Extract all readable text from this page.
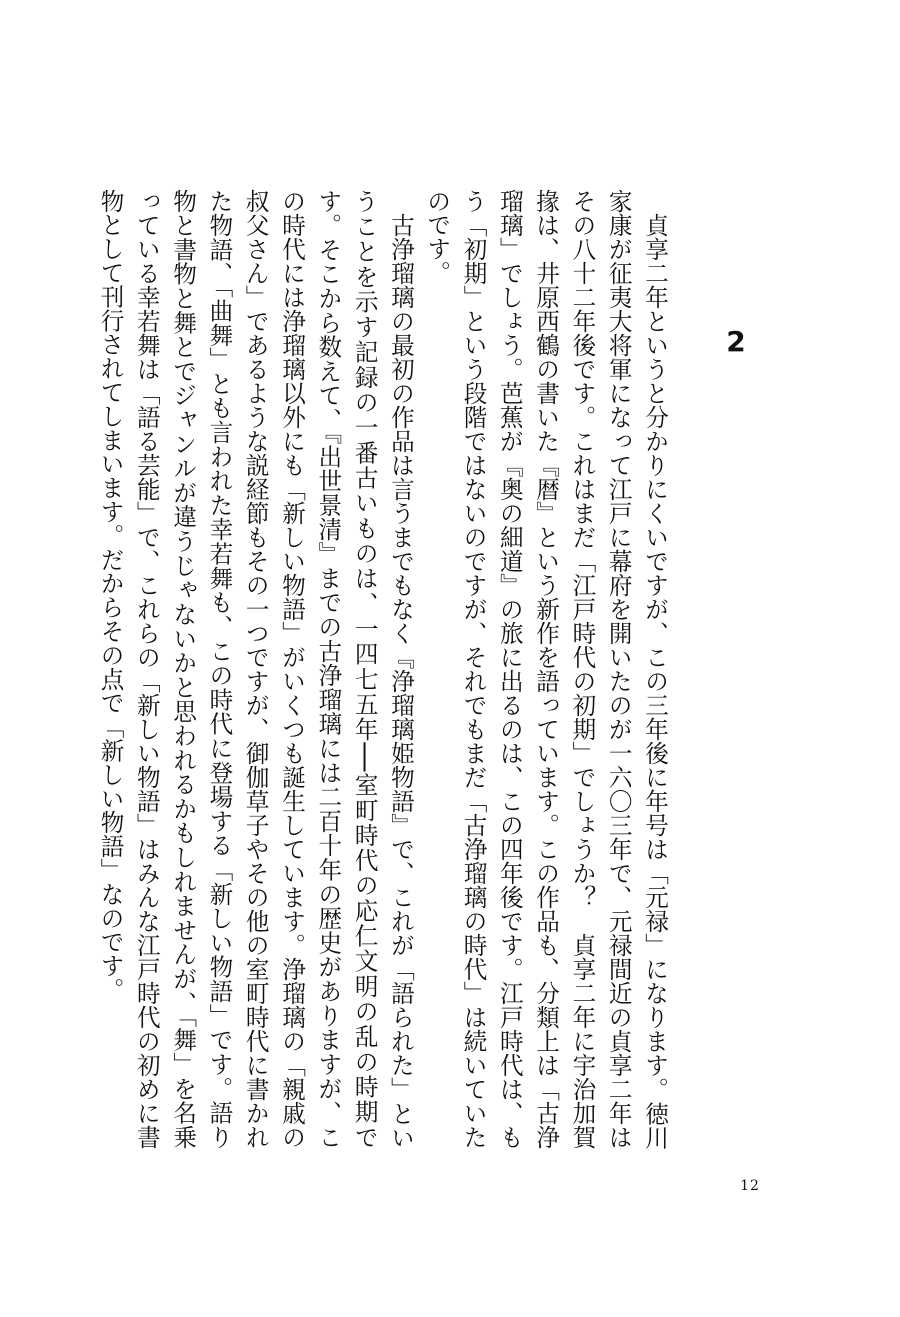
2

貞享二年というと分かりにくいですが、この三年後に年号は「元禄」になります。徳川家康が征夷大将軍になって江戸に幕府を開いたのが一六〇三年で、元禄間近の貞享二年はその八十二年後です。これはまだ「江戸時代の初期」でしょうか？　貞享二年に宇治加賀掾は、井原西鶴の書いた『暦』という新作を語っています。この作品も、分類上は「古浄瑠璃」でしょう。芭蕉が『奥の細道』の旅に出るのは、この四年後です。江戸時代は、もう「初期」という段階ではないのですが、それでもまだ「古浄瑠璃の時代」は続いていたのです。

古浄瑠璃の最初の作品は言うまでもなく『浄瑠璃姫物語』で、これが「語られた」ということを示す記録の一番古いものは、一四七五年──室町時代の応仁文明の乱の時期です。そこから数えて、『出世景清』までの古浄瑠璃には二百十年の歴史がありますが、この時代には浄瑠璃以外にも「新しい物語」がいくつも誕生しています。浄瑠璃の「親戚の叔父さん」であるような説経節もその一つですが、御伽草子やその他の室町時代に書かれた物語、「曲舞」とも言われた幸若舞も、この時代に登場する「新しい物語」です。語り物と書物と舞とでジャンルが違うじゃないかと思われるかもしれませんが、「舞」を名乗っている幸若舞は「語る芸能」で、これらの「新しい物語」はみんな江戸時代の初めに書物として刊行されてしまいます。だからその点で「新しい物語」なのです。

12
